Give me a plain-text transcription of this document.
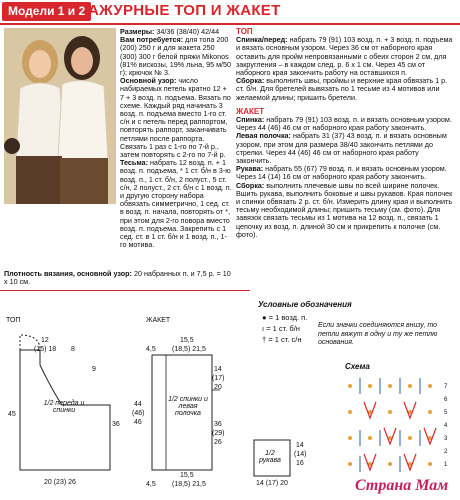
Модели 1 и 2 АЖУРНЫЕ ТОП И ЖАКЕТ
Размеры: 34/36 (38/40) 42/44
Вам потребуется: для топа 200 (200) 250 г и для жакета 250 (300) 300 г белой пряжи Mikonos (81% вискозы, 19% льна, 95 м/50 г); крючок № 3.
Основной узор: число набираемых петель кратно 12 + 7 + 3 возд. п. подъема. Вязать по схеме. Каждый ряд начинать 3 возд. п. подъема вместо 1-го ст. с/н и с петель перед раппортом, повторять раппорт, заканчивать петлями после раппорта. Связать 1 раз с 1-го по 7-й р., затем повторять с 2-го по 7-й р.
Тесьма: набрать 12 возд. п. + 1 возд. п. подъема, * 1 ст. б/н в 3-ю возд. п., 1 ст. б/н, 2 полуст., 5 ст. с/н, 2 полуст., 2 ст. б/н с 1 возд. п. и другую сторону набора обвязать симметрично, 1 сед. ст. в возд. п. начала, повторять от *, при этом для 2-го повора вместо возд. п. подъема. Закрепить с 1 сед. ст. в 1 ст. б/н и 1 возд. п., 1-го мотива.
Плотность вязания, основной узор: 20 набранных п. и 7,5 р. = 10 х 10 см.
ТОП
Спинка/перед: набрать 79 (91) 103 возд. п. + 3 возд. п. подъема и вязать основным узором. Через 36 см от наборного края оставить для пройм непровязанными с обеих сторон 2 см, для закругления – в каждом след. р. 6 х 1 см. Через 45 см от наборного края закончить работу на оставшихся п.
Сборка: выполнить швы, проймы и верхние края обвязать 1 р. ст. б/н. Для бретелей вывязать по 1 тесьме из 4 мотивов или желаемой длины; пришить бретели.
ЖАКЕТ
Спинка: набрать 79 (91) 103 возд. п. и вязать основным узором. Через 44 (46) 46 см от наборного края работу закончить.
Левая полочка: набрать 31 (37) 43 возд. п. и вязать основным узором, при этом для размера 38/40 закончить петлями до стрелки. Через 44 (46) 46 см от наборного края работу закончить.
Рукава: набрать 55 (67) 79 возд. п. и вязать основным узором. Через 14 (14) 16 см от наборного края работу закончить.
Сборка: выполнить плечевые швы по всей ширине полочек. Вшить рукава, выполнить боковые и швы рукавов. Края полочек и спинки обвязать 2 р. ст. б/н. Измерить длину края и выполнить тесьму необходимой длины; пришить тесьму (см. фото). Для завязок связать тесьмы из 1 мотива на 12 возд. п., связать 1 цепочку из возд. п. длиной 30 см и прикрепить к полочке (см. фото).
Условные обозначения
● = 1 возд. п.
ı = 1 ст. б/н
† = 1 ст. с/н
Если значки соединяются внизу, то петли вяжут в одну и ту же петлю основания.
Схема
7
6
5
4
3
2
1
ТОП
12
(15) 18 8
9
45
36
1/2 переда и спинки
20 (23) 26
ЖАКЕТ
15,5
(18,5) 21,5
4,5
14
(17)
20
44
(46)
46
1/2 спинки и левая полочка
36
(29)
26
15,5
(18,5) 21,5
4,5
1/2 рукава
14
(14)
16
14 (17) 20	Страна Мам
